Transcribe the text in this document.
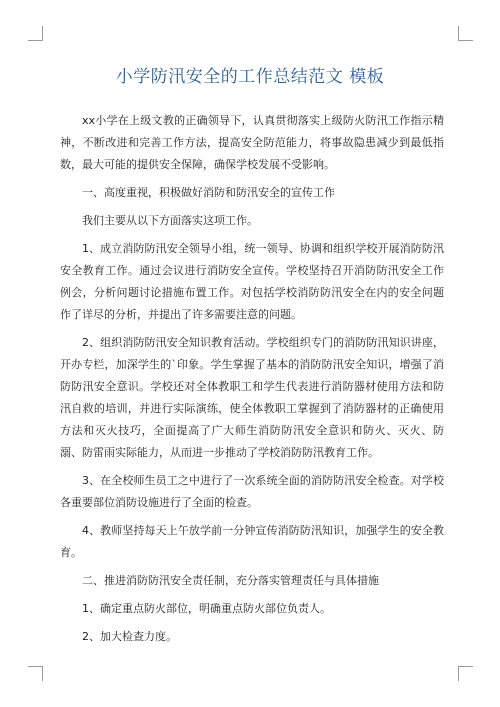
小学防汛安全的工作总结范文 模板

xx小学在上级文教的正确领导下，认真贯彻落实上级防火防汛工作指示精神，不断改进和完善工作方法，提高安全防范能力，将事故隐患减少到最低指数，最大可能的提供安全保障，确保学校发展不受影响。

一、高度重视，积极做好消防和防汛安全的宣传工作

我们主要从以下方面落实这项工作。

1、成立消防防汛安全领导小组，统一领导、协调和组织学校开展消防防汛安全教育工作。通过会议进行消防安全宣传。学校坚持召开消防防汛安全工作例会，分析问题讨论措施布置工作。对包括学校消防防汛安全在内的安全问题作了详尽的分析，并提出了许多需要注意的问题。

2、组织消防防汛安全知识教育活动。学校组织专门的消防防汛知识讲座，开办专栏，加深学生的`印象。学生掌握了基本的消防防汛安全知识，增强了消防防汛安全意识。学校还对全体教职工和学生代表进行消防器材使用方法和防汛自救的培训，并进行实际演练，使全体教职工掌握到了消防器材的正确使用方法和灭火技巧，全面提高了广大师生消防防汛安全意识和防火、灭火、防溺、防雷雨实际能力，从而进一步推动了学校消防防汛教育工作。

3、在全校师生员工之中进行了一次系统全面的消防防汛安全检查。对学校各重要部位消防设施进行了全面的检查。

4、教师坚持每天上午放学前一分钟宣传消防防汛知识，加强学生的安全教育。

二、推进消防防汛安全责任制，充分落实管理责任与具体措施

1、确定重点防火部位，明确重点防火部位负责人。

2、加大检查力度。
